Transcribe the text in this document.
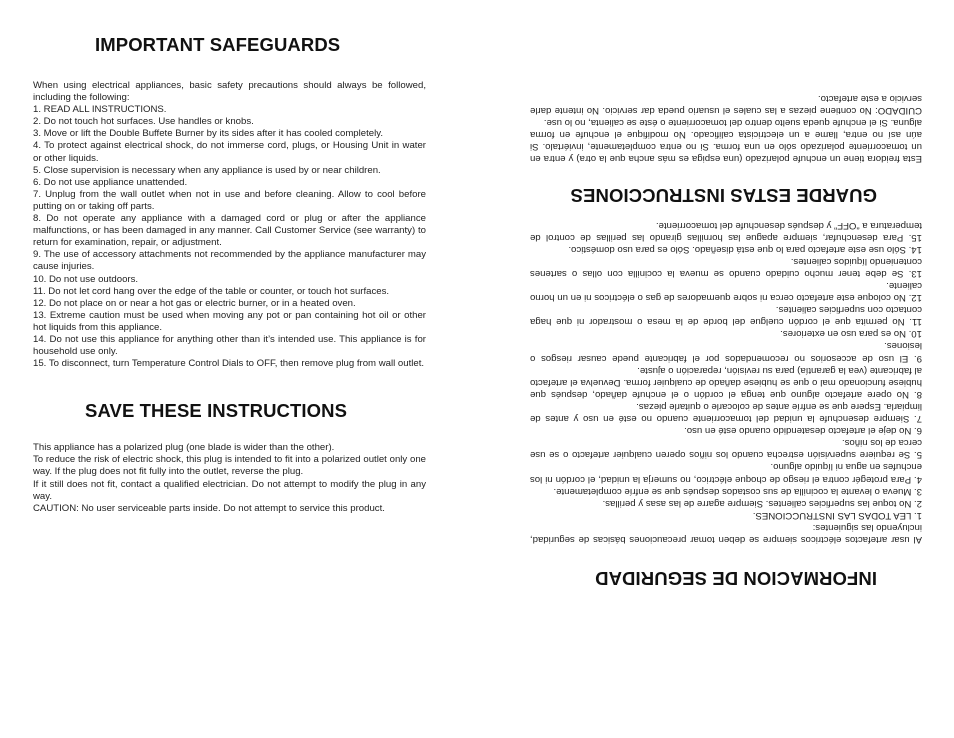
IMPORTANT SAFEGUARDS
When using electrical appliances, basic safety precautions should always be followed, including the following:
1. READ ALL INSTRUCTIONS.
2. Do not touch hot surfaces. Use handles or knobs.
3. Move or lift the Double Buffete Burner by its sides after it has cooled completely.
4. To protect against electrical shock, do not immerse cord, plugs, or Housing Unit in water or other liquids.
5. Close supervision is necessary when any appliance is used by or near children.
6. Do not use appliance unattended.
7. Unplug from the wall outlet when not in use and before cleaning. Allow to cool before putting on or taking off parts.
8. Do not operate any appliance with a damaged cord or plug or after the appliance malfunctions, or has been damaged in any manner. Call Customer Service (see warranty) to return for examination, repair, or adjustment.
9. The use of accessory attachments not recommended by the appliance manufacturer may cause injuries.
10. Do not use outdoors.
11. Do not let cord hang over the edge of the table or counter, or touch hot surfaces.
12. Do not place on or near a hot gas or electric burner, or in a heated oven.
13. Extreme caution must be used when moving any pot or pan containing hot oil or other hot liquids from this appliance.
14. Do not use this appliance for anything other than it’s intended use. This appliance is for household use only.
15. To disconnect, turn Temperature Control Dials to OFF, then remove plug from wall outlet.
SAVE THESE INSTRUCTIONS
This appliance has a polarized plug (one blade is wider than the other).
To reduce the risk of electric shock, this plug is intended to fit into a polarized outlet only one way. If the plug does not fit fully into the outlet, reverse the plug.
If it still does not fit, contact a qualified electrician. Do not attempt to modify the plug in any way.
CAUTION: No user serviceable parts inside. Do not attempt to service this product.
INFORMACION DE SEGURIDAD
Al usar artefactos eléctricos siempre se deben tomar precauciones básicas de seguridad, incluyendo las siguientes:
1. LEA TODAS LAS INSTRUCCIONES.
2. No toque las superficies calientes. Siempre agarre de las asas y perillas.
3. Mueva o levante la cocinilla de sus costados después que se enfríe completamente.
4. Para protegér contra el riesgo de choque eléctrico, no sumerja la unidad, el cordón ni los enchufes en agua ni líquido alguno.
5. Se requiere supervisión estrecha cuando los niños operen cualquier artefacto o se use cerca de los niños.
6. No deje el artefacto desatendido cuando esté en uso.
7. Siempre desenchufe la unidad del tomacorriente cuando no esté en uso y antes de limpiarla. Espere que se enfríe antes de colocarle o quitarle piezas.
8. No opere artefacto alguno que tenga el cordón o el enchufe dañado, después que hubiese funcionado mal o que se hubiese dañado de cualquier forma. Devuelva el artefacto al fabricante (vea la garantía) para su revisión, reparación o ajuste.
9. El uso de accesorios no recomendados por el fabricante puede causar riesgos o lesiones.
10. No es para uso en exteriores.
11. No permita que el cordón cuelgue del borde de la mesa o mostrador ni que haga contacto con superficies calientes.
12. No coloque este artefacto cerca ni sobre quemadores de gas o eléctricos ni en un horno caliente.
13. Se debe tener mucho cuidado cuando se mueva la cocinilla con ollas o sartenes conteniendo líquidos calientes.
14. Sólo use este artefacto para lo que está diseñado. Sólo es para uso doméstico.
15. Para desenchufar, siempre apague las hornillas girando las perillas de control de temperatura a “OFF” y después desenchufe del tomacorriente.
GUARDE ESTAS INSTRUCCIONES
Esta freidora tiene un enchufe polarizado (una espiga es más ancha que la otra) y entra en un tomacorriente polarizado sólo en una forma. Si no entra completamente, inviértalo. Si aún así no entra, llame a un electricista calificado. No modifique el enchufe en forma alguna. Si el enchufe queda suelto dentro del tomacorriente o éste se calienta, no lo use.
CUIDADO: No contiene piezas a las cuales el usuario pueda dar servicio. No intente darle servicio a este artefacto.
